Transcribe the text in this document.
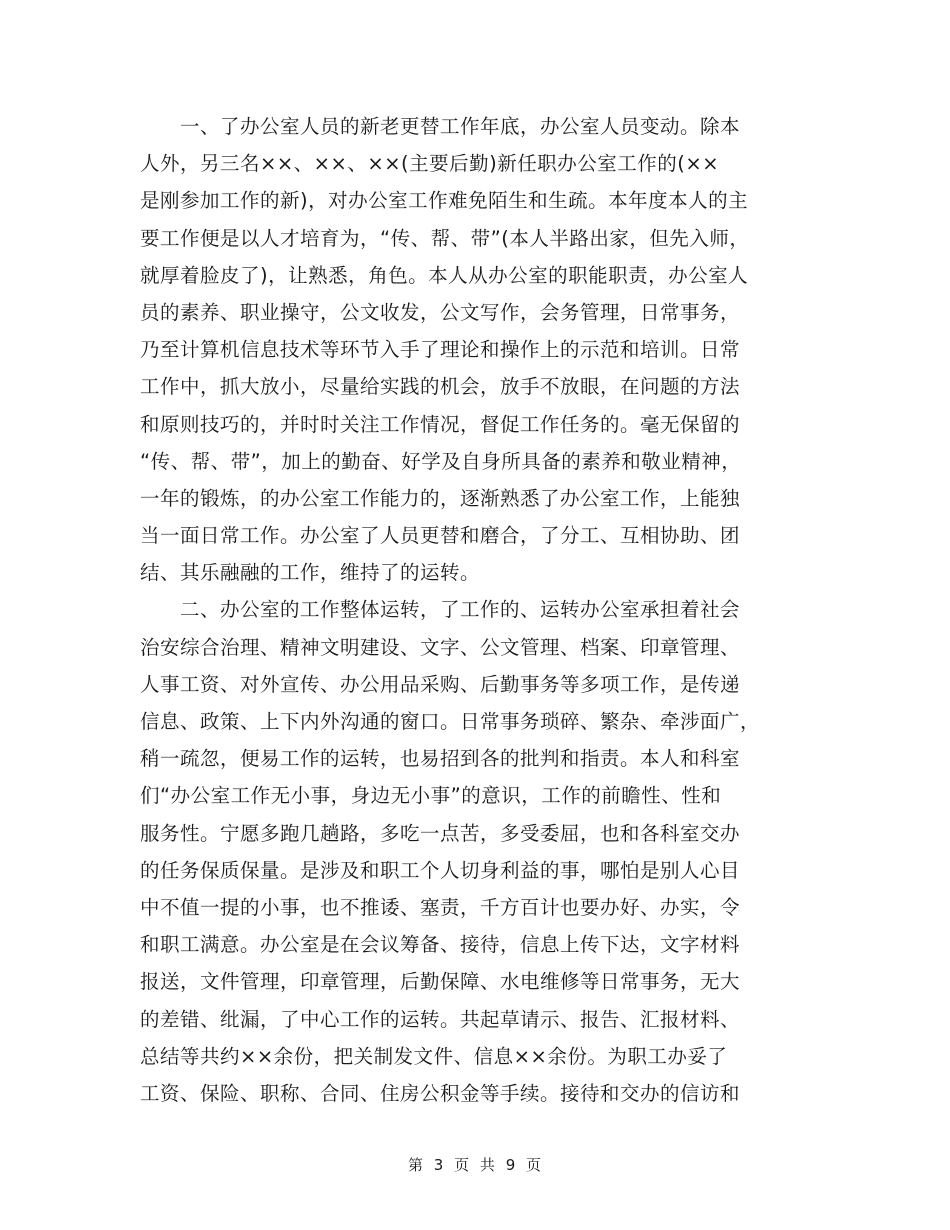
　　一、了办公室人员的新老更替工作年底，办公室人员变动。除本
人外，另三名××、××、××(主要后勤)新任职办公室工作的(××
是刚参加工作的新)，对办公室工作难免陌生和生疏。本年度本人的主
要工作便是以人才培育为，“传、帮、带”(本人半路出家，但先入师，
就厚着脸皮了)，让熟悉，角色。本人从办公室的职能职责，办公室人
员的素养、职业操守，公文收发，公文写作，会务管理，日常事务，
乃至计算机信息技术等环节入手了理论和操作上的示范和培训。日常
工作中，抓大放小，尽量给实践的机会，放手不放眼，在问题的方法
和原则技巧的，并时时关注工作情况，督促工作任务的。毫无保留的
“传、帮、带”，加上的勤奋、好学及自身所具备的素养和敬业精神，
一年的锻炼，的办公室工作能力的，逐渐熟悉了办公室工作，上能独
当一面日常工作。办公室了人员更替和磨合，了分工、互相协助、团
结、其乐融融的工作，维持了的运转。
　　二、办公室的工作整体运转，了工作的、运转办公室承担着社会
治安综合治理、精神文明建设、文字、公文管理、档案、印章管理、
人事工资、对外宣传、办公用品采购、后勤事务等多项工作，是传递
信息、政策、上下内外沟通的窗口。日常事务琐碎、繁杂、牵涉面广，
稍一疏忽，便易工作的运转，也易招到各的批判和指责。本人和科室
们“办公室工作无小事，身边无小事”的意识，工作的前瞻性、性和
服务性。宁愿多跑几趟路，多吃一点苦，多受委屈，也和各科室交办
的任务保质保量。是涉及和职工个人切身利益的事，哪怕是别人心目
中不值一提的小事，也不推诿、塞责，千方百计也要办好、办实，令
和职工满意。办公室是在会议筹备、接待，信息上传下达，文字材料
报送，文件管理，印章管理，后勤保障、水电维修等日常事务，无大
的差错、纰漏，了中心工作的运转。共起草请示、报告、汇报材料、
总结等共约××余份，把关制发文件、信息××余份。为职工办妥了
工资、保险、职称、合同、住房公积金等手续。接待和交办的信访和
第 3 页 共 9 页
